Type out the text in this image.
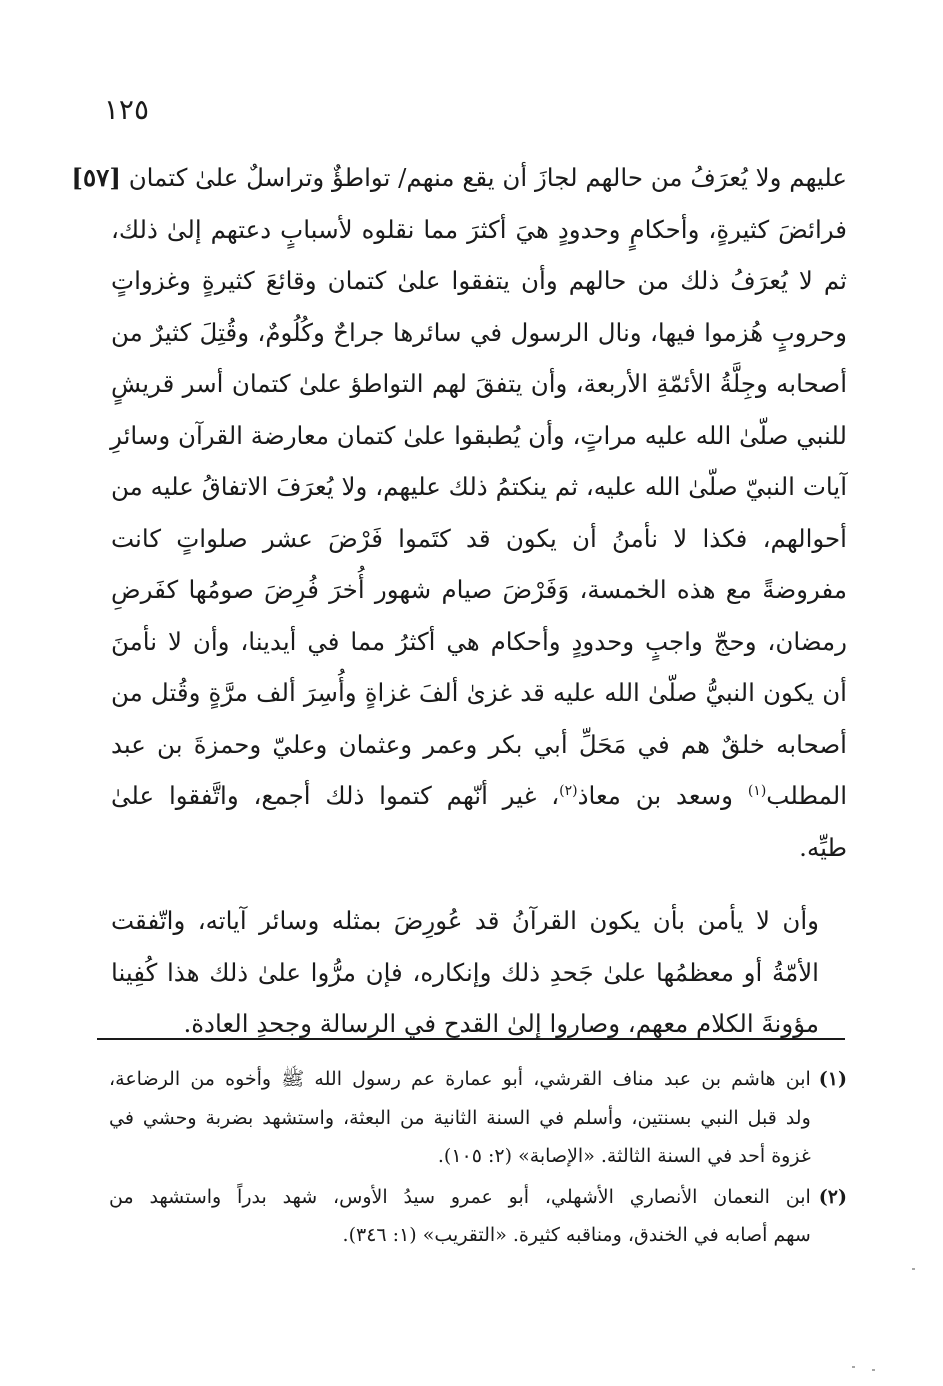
١٢٥

عليهم ولا يُعرَفُ من حالهم لجازَ أن يقع منهم/ تواطؤٌ وتراسلٌ علىٰ كتمان [٥٧]
فرائضَ كثيرةٍ، وأحكامٍ وحدودٍ هيَ أكثرَ مما نقلوه لأسبابٍ دعتهم إلىٰ ذلك،
ثم لا يُعرَفُ ذلك من حالهم وأن يتفقوا علىٰ كتمان وقائعَ كثيرةٍ وغزواتٍ
وحروبٍ هُزموا فيها، ونال الرسول في سائرها جراحٌ وكُلُومٌ، وقُتِلَ كثيرٌ من
أصحابه وجِلَّةُ الأئمّةِ الأربعة، وأن يتفقَ لهم التواطؤ علىٰ كتمان أسر قريشٍ
للنبي صلّىٰ الله عليه مراتٍ، وأن يُطبقوا علىٰ كتمان معارضة القرآن وسائرِ
آيات النبيّ صلّىٰ الله عليه، ثم ينكتمُ ذلك عليهم، ولا يُعرَفَ الاتفاقُ عليه من
أحوالهم، فكذا لا نأمنُ أن يكون قد كتَموا فَرْضَ عشر صلواتٍ كانت
مفروضةً مع هذه الخمسة، وَفَرْضَ صيام شهور أُخرَ فُرِضَ صومُها كفَرضِ
رمضان، وحجّ واجبٍ وحدودٍ وأحكام هي أكثرُ مما في أيدينا، وأن لا نأمنَ
أن يكون النبيُّ صلّىٰ الله عليه قد غزىٰ ألفَ غزاةٍ وأُسِرَ ألف مرَّةٍ وقُتل من
أصحابه خلقٌ هم في مَحَلِّ أبي بكر وعمر وعثمان وعليّ وحمزةَ بن عبد
المطلب$^{(١)}$ وسعد بن معاذ$^{(٢)}$، غير أنّهم كتموا ذلك أجمع، واتَّفقوا علىٰ
طيِّه.

وأن لا يأمن بأن يكون القرآنُ قد عُورِضَ بمثله وسائر آياته، واتّفقت
الأمّةُ أو معظمُها علىٰ جَحدِ ذلك وإنكاره، فإن مرُّوا علىٰ ذلك هذا كُفِينا
مؤونةَ الكلام معهم، وصاروا إلىٰ القدح في الرسالة وجحدِ العادة.

(١)
ابن هاشم بن عبد مناف القرشي، أبو عمارة عم رسول الله ﷺ وأخوه من الرضاعة،
ولد قبل النبي بسنتين، وأسلم في السنة الثانية من البعثة، واستشهد بضربة وحشي في
غزوة أحد في السنة الثالثة. «الإصابة» (٢: ١٠٥).
(٢)
ابن النعمان الأنصاري الأشهلي، أبو عمرو سيدُ الأوس، شهد بدراً واستشهد من
سهم أصابه في الخندق، ومناقبه كثيرة. «التقريب» (١: ٣٤٦).
